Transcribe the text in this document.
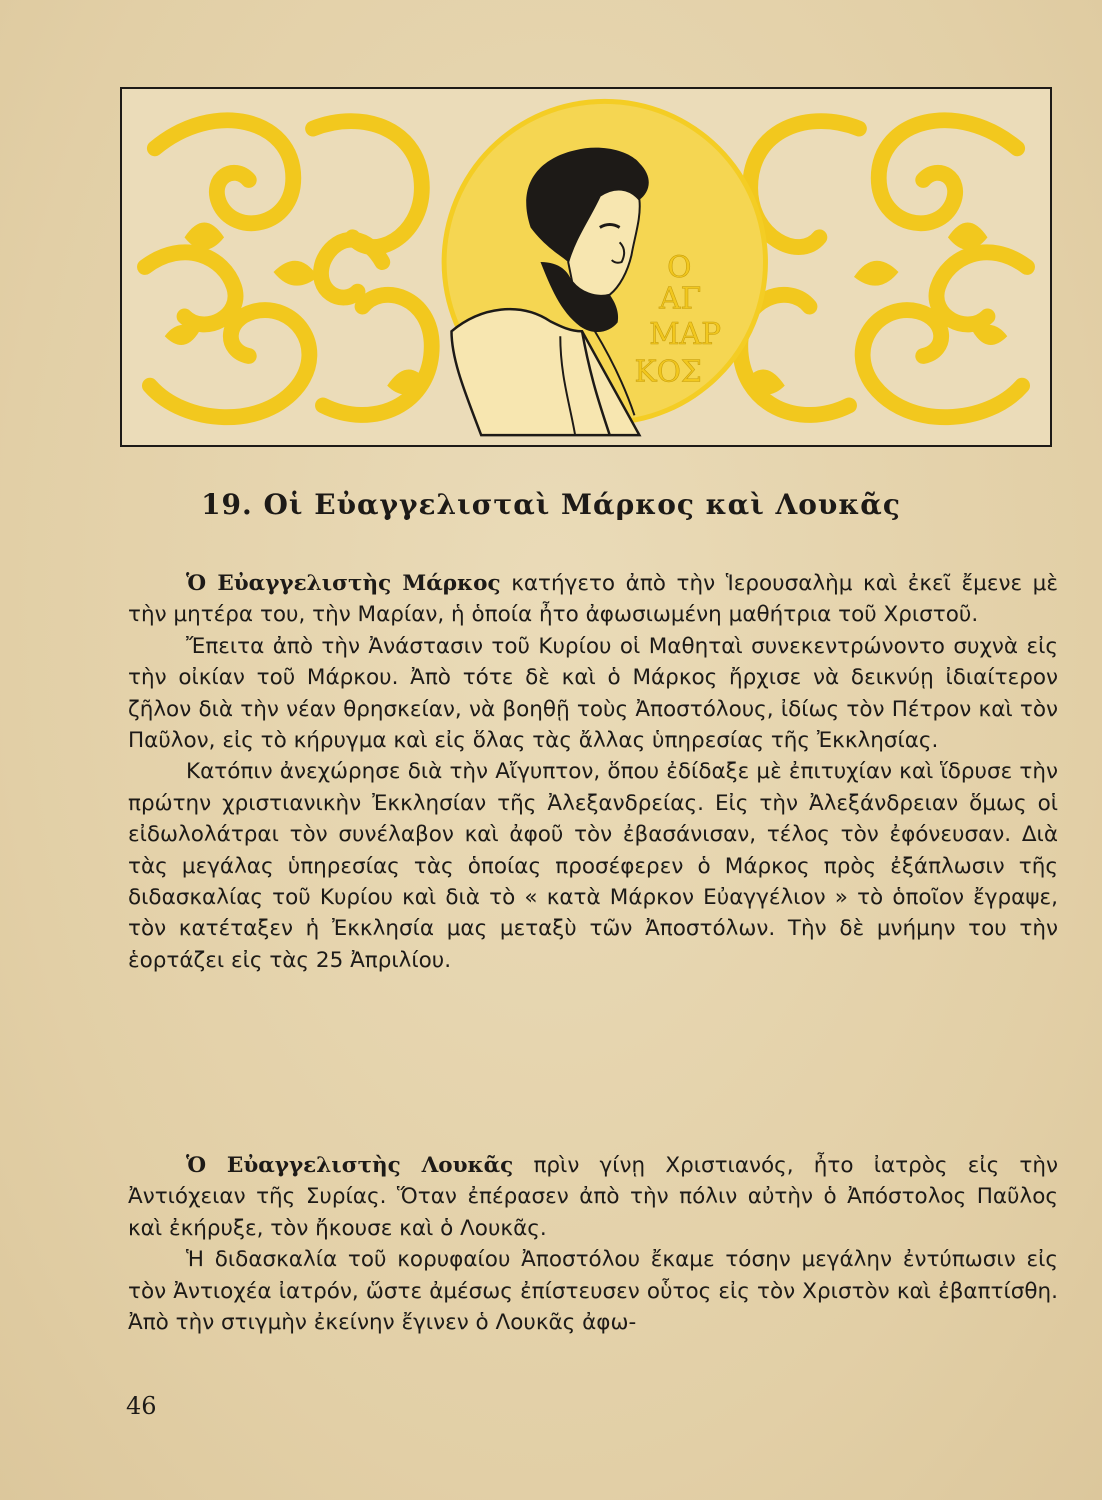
Ο
ΑΓ
ΜΑΡ
ΚΟΣ
19. Οἱ Εὐαγγελισταὶ Μάρκος καὶ Λουκᾶς

Ὁ Εὐαγγελιστὴς Μάρκος κατήγετο ἀπὸ τὴν Ἱερουσαλὴμ καὶ ἐκεῖ ἔμενε μὲ τὴν μητέρα του, τὴν Μαρίαν, ἡ ὁποία ἦτο ἀφωσιωμένη μαθήτρια τοῦ Χριστοῦ.

Ἔπειτα ἀπὸ τὴν Ἀνάστασιν τοῦ Κυρίου οἱ Μαθηταὶ συνεκεντρώνοντο συχνὰ εἰς τὴν οἰκίαν τοῦ Μάρκου. Ἀπὸ τότε δὲ καὶ ὁ Μάρκος ἤρχισε νὰ δεικνύῃ ἰδιαίτερον ζῆλον διὰ τὴν νέαν θρησκείαν, νὰ βοηθῇ τοὺς Ἀποστόλους, ἰδίως τὸν Πέτρον καὶ τὸν Παῦλον, εἰς τὸ κήρυγμα καὶ εἰς ὅλας τὰς ἄλλας ὑπηρεσίας τῆς Ἐκκλησίας.

Κατόπιν ἀνεχώρησε διὰ τὴν Αἴγυπτον, ὅπου ἐδίδαξε μὲ ἐπιτυχίαν καὶ ἵδρυσε τὴν πρώτην χριστιανικὴν Ἐκκλησίαν τῆς Ἀλεξανδρείας. Εἰς τὴν Ἀλεξάνδρειαν ὅμως οἱ εἰδωλολάτραι τὸν συνέλαβον καὶ ἀφοῦ τὸν ἐβασάνισαν, τέλος τὸν ἐφόνευσαν. Διὰ τὰς μεγάλας ὑπηρεσίας τὰς ὁποίας προσέφερεν ὁ Μάρκος πρὸς ἐξάπλωσιν τῆς διδασκαλίας τοῦ Κυρίου καὶ διὰ τὸ « κατὰ Μάρκον Εὐαγγέλιον » τὸ ὁποῖον ἔγραψε, τὸν κατέταξεν ἡ Ἐκκλησία μας μεταξὺ τῶν Ἀποστόλων. Τὴν δὲ μνήμην του τὴν ἑορτάζει εἰς τὰς 25 Ἀπριλίου.

Ὁ Εὐαγγελιστὴς Λουκᾶς πρὶν γίνῃ Χριστιανός, ἦτο ἰατρὸς εἰς τὴν Ἀντιόχειαν τῆς Συρίας. Ὅταν ἐπέρασεν ἀπὸ τὴν πόλιν αὐτὴν ὁ Ἀπόστολος Παῦλος καὶ ἐκήρυξε, τὸν ἤκουσε καὶ ὁ Λουκᾶς.

Ἡ διδασκαλία τοῦ κορυφαίου Ἀποστόλου ἔκαμε τόσην μεγάλην ἐντύπωσιν εἰς τὸν Ἀντιοχέα ἰατρόν, ὥστε ἀμέσως ἐπίστευσεν οὗτος εἰς τὸν Χριστὸν καὶ ἐβαπτίσθη. Ἀπὸ τὴν στιγμὴν ἐκείνην ἔγινεν ὁ Λουκᾶς ἀφω-

46
